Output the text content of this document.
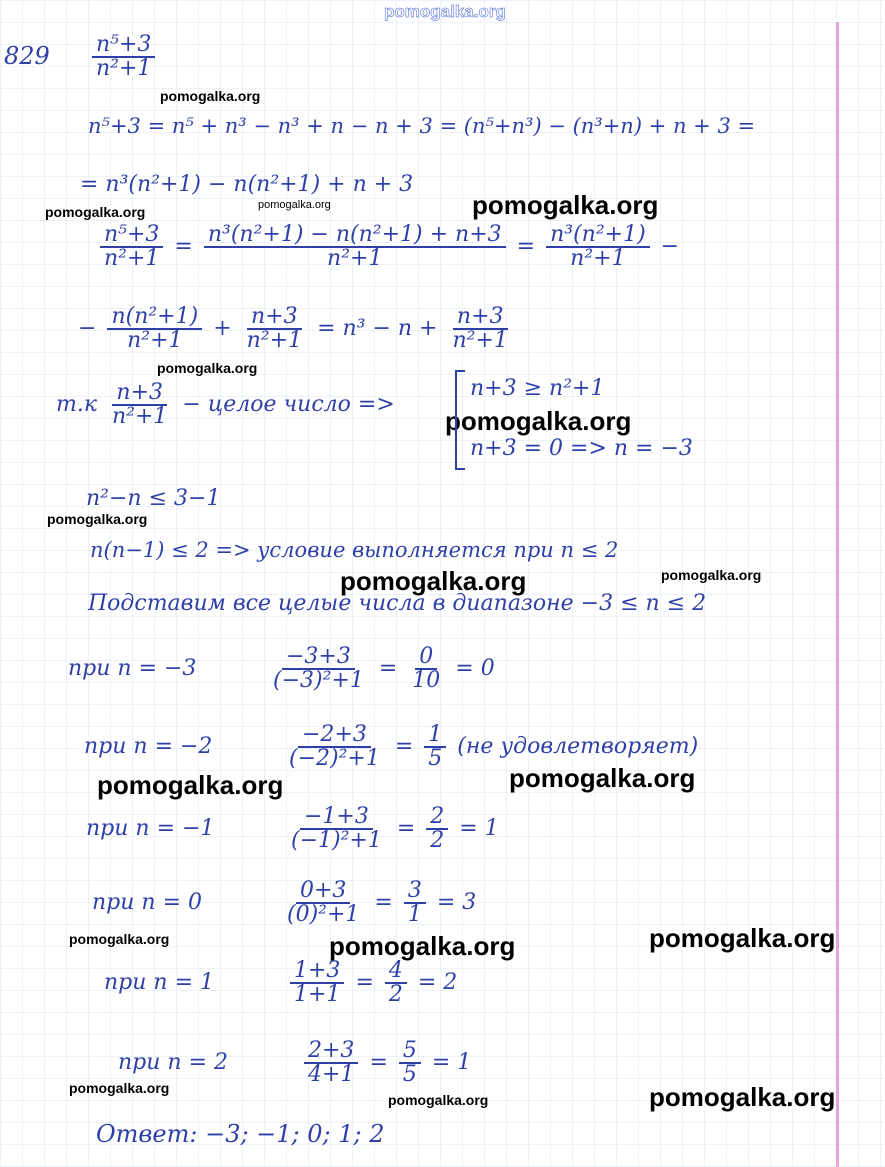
pomogalka.org
pomogalka.org
pomogalka.org	pomogalka.org	pomogalka.org
pomogalka.org
pomogalka.org
pomogalka.org
pomogalka.org	pomogalka.org
pomogalka.org	pomogalka.org
pomogalka.org	pomogalka.org	pomogalka.org
pomogalka.org
pomogalka.org	pomogalka.org
$829 \frac{\text{n⁵+3}}{\text{n²+1}}$
n⁵+3 = n⁵ + n³ − n³ + n − n + 3 = (n⁵+n³) − (n³+n) + n + 3 =
= n³(n²+1) − n(n²+1) + n + 3
$\frac{\text{n⁵+3}}{\text{n²+1}} = \frac{\text{n³(n²+1) − n(n²+1) + n+3}}{\text{n²+1}} = \frac{\text{n³(n²+1)}}{\text{n²+1}}$ −
− $\frac{\text{n(n²+1)}}{\text{n²+1}} + \frac{n+3}{\text{n²+1}} = n^3 - n + \frac{n+3}{\text{n²+1}}$
$т.к \frac{n+3}{\text{n²+1}}$ − целое число =>
n+3 ≥ n²+1
n+3 = 0 => n = −3
n²−n ≤ 3−1
n(n−1) ≤ 2 => условие выполняется при n ≤ 2
Подставим все целые числа в диапазоне −3 ≤ n ≤ 2
при n = −3	$\frac{-3+3}{\text{(−3)²+1}} = \frac{0}{10} = 0$
при n = −2	$\frac{-2+3}{\text{(−2)²+1}} = \frac{1}{5} (не$ удовлетворяет)
при n = −1	$\frac{-1+3}{\text{(−1)²+1}} = \frac{2}{2} = 1$
при n = 0	$\frac{0+3}{\text{(0)²+1}} = \frac{3}{1} = 3$
при n = 1	$\frac{1+3}{1+1} = \frac{4}{2} = 2$
при n = 2	$\frac{2+3}{4+1} = \frac{5}{5} = 1$
Ответ: −3; −1; 0; 1; 2
